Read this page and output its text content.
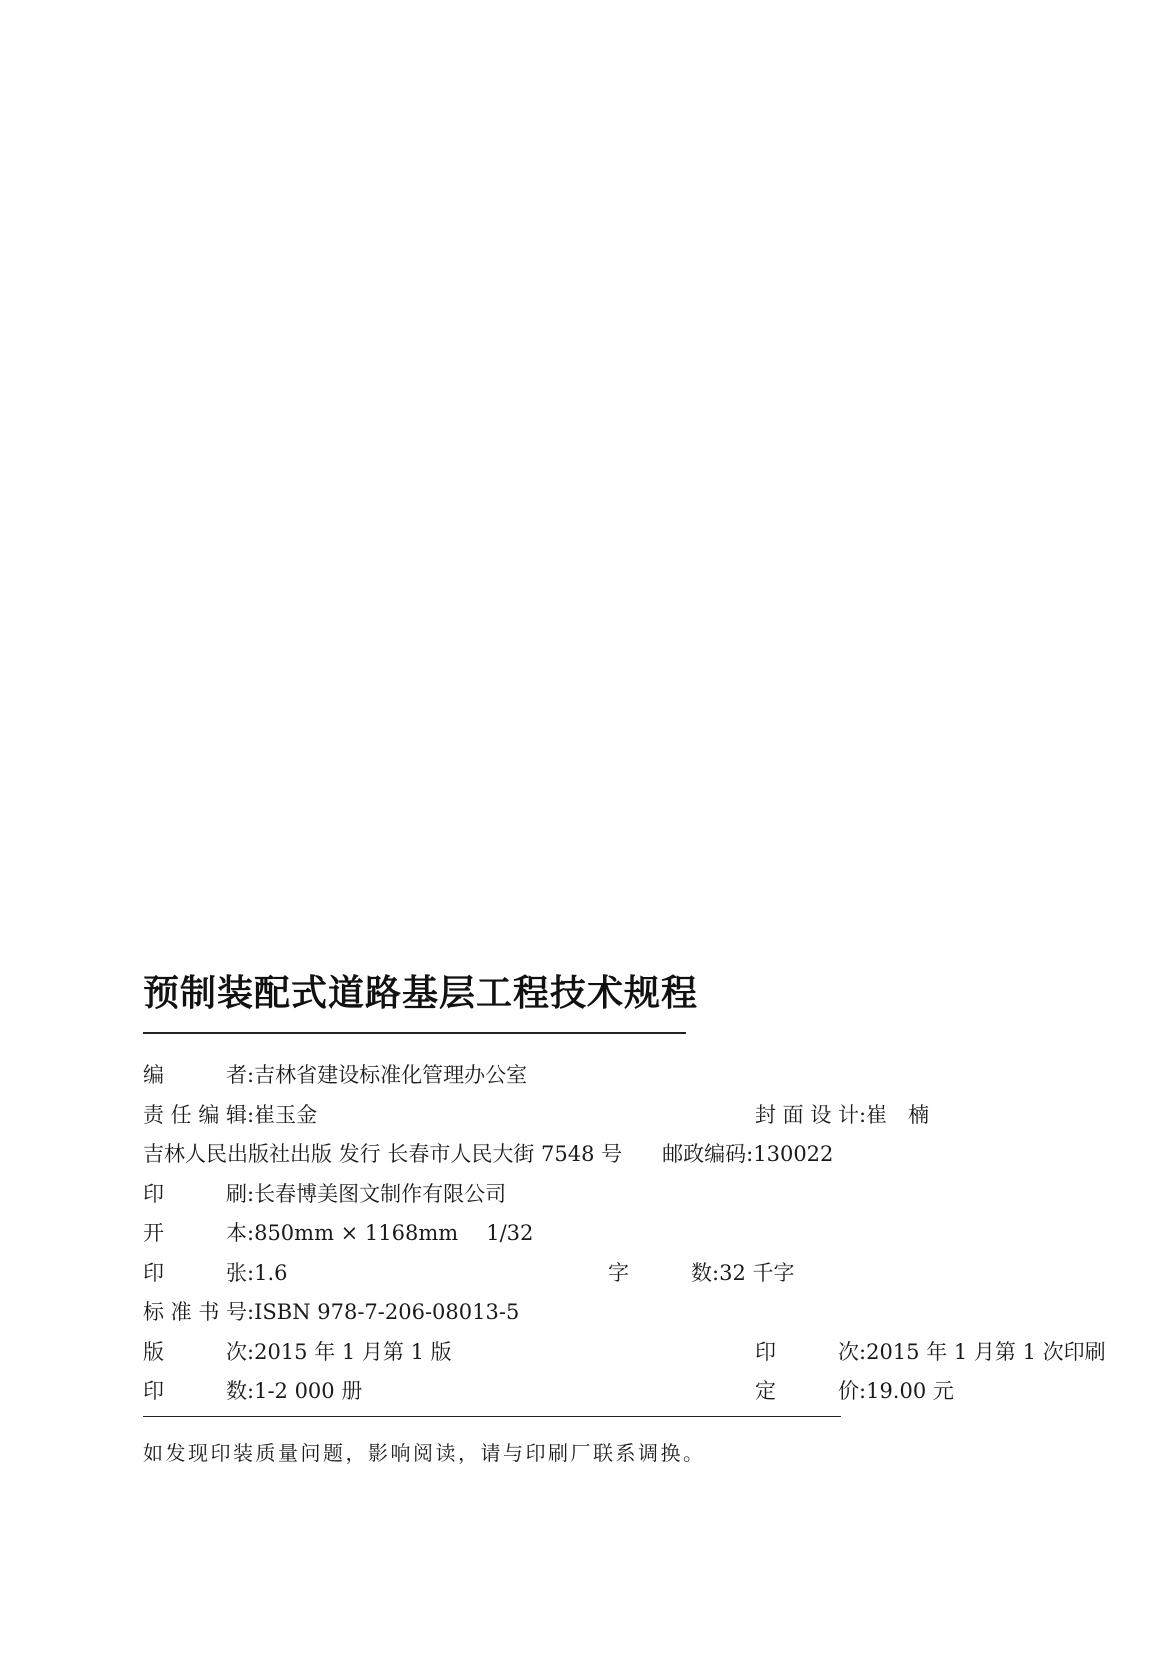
预制装配式道路基层工程技术规程
编者 : 吉林省建设标准化管理办公室
责任编辑 : 崔玉金	封面设计 : 崔　楠
吉林人民出版社出版 发行 长春市人民大街 7548 号 邮政编码 : 130022
印刷 : 长春博美图文制作有限公司
开本 : 850mm × 1168mm 1/32
印张 : 1.6	字数 : 32 千字
标准书号 : ISBN 978-7-206-08013-5
版次 : 2015 年 1 月第 1 版	印次 : 2015 年 1 月第 1 次印刷
印数 : 1-2 000 册	定价 : 19.00 元

如发现印装质量问题，影响阅读，请与印刷厂联系调换。
